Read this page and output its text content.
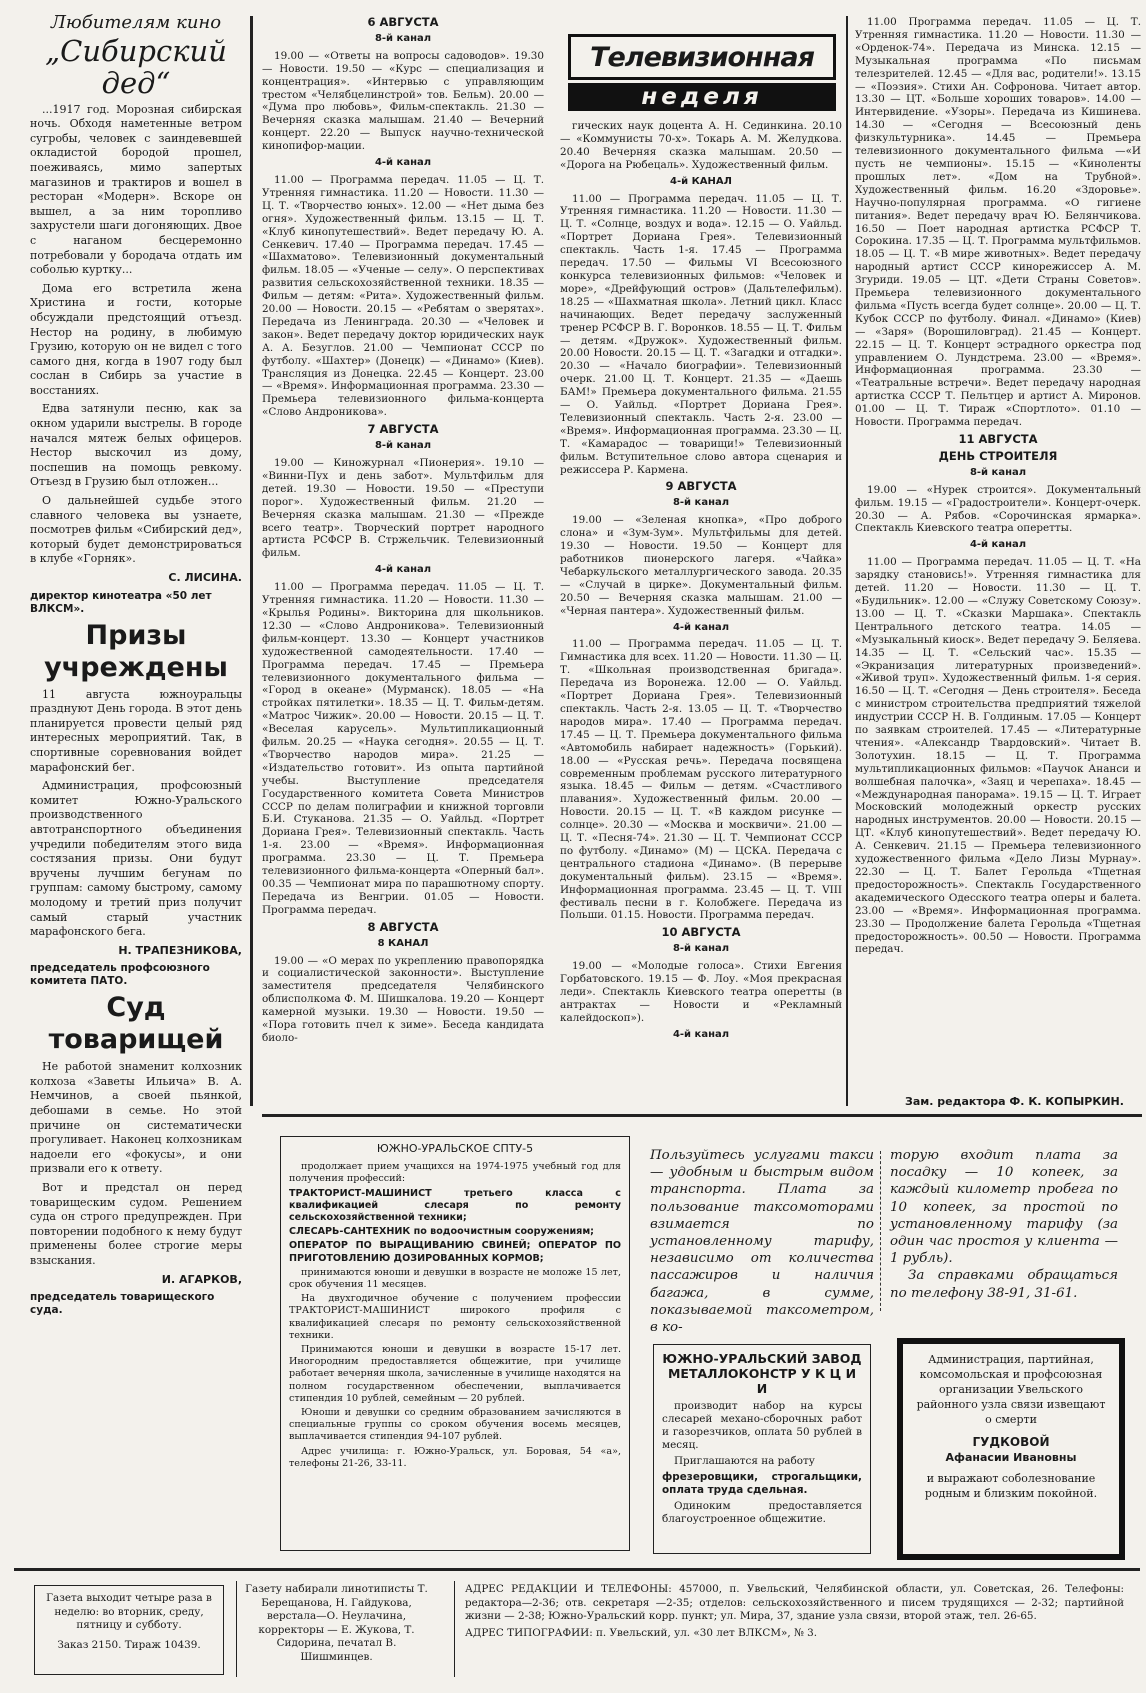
Любителям кино

„Сибирский дед“

...1917 год. Морозная сибирская ночь. Обходя наметенные ветром сугробы, человек с заиндевевшей окладистой бородой прошел, поеживаясь, мимо запертых магазинов и трактиров и вошел в ресторан «Модерн». Вскоре он вышел, а за ним торопливо захрустели шаги догоняющих. Двое с наганом бесцеремонно потребовали у бородача отдать им соболью куртку...

Дома его встретила жена Христина и гости, которые обсуждали предстоящий отъезд. Нестор на родину, в любимую Грузию, которую он не видел с того самого дня, когда в 1907 году был сослан в Сибирь за участие в восстаниях.

Едва затянули песню, как за окном ударили выстрелы. В городе начался мятеж белых офицеров. Нестор выскочил из дому, поспешив на помощь ревкому. Отъезд в Грузию был отложен...

О дальнейшей судьбе этого славного человека вы узнаете, посмотрев фильм «Сибирский дед», который будет демонстрироваться в клубе «Горняк».

С. ЛИСИНА.

директор кинотеатра «50 лет ВЛКСМ».

Призы учреждены

11 августа южноуральцы празднуют День города. В этот день планируется провести целый ряд интересных мероприятий. Так, в спортивные соревнования войдет марафонский бег.

Администрация, профсоюзный комитет Южно-Уральского производственного автотранспортного объединения учредили победителям этого вида состязания призы. Они будут вручены лучшим бегунам по группам: самому быстрому, самому молодому и третий приз получит самый старый участник марафонского бега.

Н. ТРАПЕЗНИКОВА,

председатель профсоюзного комитета ПАТО.

Суд товарищей

Не работой знаменит колхозник колхоза «Заветы Ильича» В. А. Немчинов, а своей пьянкой, дебошами в семье. Но этой причине он систематически прогуливает. Наконец колхозникам надоели его «фокусы», и они призвали его к ответу.

Вот и предстал он перед товарищеским судом. Решением суда он строго предупрежден. При повторении подобного к нему будут применены более строгие меры взыскания.

И. АГАРКОВ,

председатель товарищеского суда.

6 АВГУСТА

8-й канал

19.00 — «Ответы на вопросы садоводов». 19.30 — Новости. 19.50 — «Курс — специализация и концентрация». «Интервью с управляющим трестом «Челябцелинстрой» тов. Бельм). 20.00 — «Дума про любовь», Фильм-спектакль. 21.30 — Вечерняя сказка малышам. 21.40 — Вечерний концерт. 22.20 — Выпуск научно-технической кинопифор-мации.

4-й канал

11.00 — Программа передач. 11.05 — Ц. Т. Утренняя гимнастика. 11.20 — Новости. 11.30 — Ц. Т. «Творчество юных». 12.00 — «Нет дыма без огня». Художественный фильм. 13.15 — Ц. Т. «Клуб кинопутешествий». Ведет передачу Ю. А. Сенкевич. 17.40 — Программа передач. 17.45 — «Шахматово». Телевизионный документальный фильм. 18.05 — «Ученые — селу». О перспективах развития сельскохозяйственной техники. 18.35 — Фильм — детям: «Рита». Художественный фильм. 20.00 — Новости. 20.15 — «Ребятам о зверятах». Передача из Ленинграда. 20.30 — «Человек и закон». Ведет передачу доктор юридических наук А. А. Безуглов. 21.00 — Чемпионат СССР по футболу. «Шахтер» (Донецк) — «Динамо» (Киев). Трансляция из Донецка. 22.45 — Концерт. 23.00 — «Время». Информационная программа. 23.30 — Премьера телевизионного фильма-концерта «Слово Андроникова».

7 АВГУСТА

8-й канал

19.00 — Киножурнал «Пионерия». 19.10 — «Винни-Пух и день забот». Мультфильм для детей. 19.30 — Новости. 19.50 — «Преступи порог». Художественный фильм. 21.20 — Вечерняя сказка малышам. 21.30 — «Прежде всего театр». Творческий портрет народного артиста РСФСР В. Стржельчик. Телевизионный фильм.

4-й канал

11.00 — Программа передач. 11.05 — Ц. Т. Утренняя гимнастика. 11.20 — Новости. 11.30 — «Крылья Родины». Викторина для школьников. 12.30 — «Слово Андроникова». Телевизионный фильм-концерт. 13.30 — Концерт участников художественной самодеятельности. 17.40 — Программа передач. 17.45 — Премьера телевизионного документального фильма — «Город в океане» (Мурманск). 18.05 — «На стройках пятилетки». 18.35 — Ц. Т. Фильм-детям. «Матрос Чижик». 20.00 — Новости. 20.15 — Ц. Т. «Веселая карусель». Мультипликационный фильм. 20.25 — «Наука сегодня». 20.55 — Ц. Т. «Творчество народов мира». 21.25 — «Издательство готовит». Из опыта партийной учебы. Выступление председателя Государственного комитета Совета Министров СССР по делам полиграфии и книжной торговли Б.И. Стуканова. 21.35 — О. Уайльд. «Портрет Дориана Грея». Телевизионный спектакль. Часть 1-я. 23.00 — «Время». Информационная программа. 23.30 — Ц. Т. Премьера телевизионного фильма-концерта «Оперный бал». 00.35 — Чемпионат мира по парашютному спорту. Передача из Венгрии. 01.05 — Новости. Программа передач.

8 АВГУСТА

8 КАНАЛ

19.00 — «О мерах по укреплению правопорядка и социалистической законности». Выступление заместителя председателя Челябинского облисполкома Ф. М. Шишкалова. 19.20 — Концерт камерной музыки. 19.30 — Новости. 19.50 — «Пора готовить пчел к зиме». Беседа кандидата биоло-

Телевизионная
неделя

гических наук доцента А. Н. Сединкина. 20.10 — «Коммунисты 70-х». Токарь А. М. Желудкова. 20.40 Вечерняя сказка малышам. 20.50 — «Дорога на Рюбецаль». Художественный фильм.

4-й КАНАЛ

11.00 — Программа передач. 11.05 — Ц. Т. Утренняя гимнастика. 11.20 — Новости. 11.30 — Ц. Т. «Солнце, воздух и вода». 12.15 — О. Уайльд. «Портрет Дориана Грея». Телевизионный спектакль. Часть 1-я. 17.45 — Программа передач. 17.50 — Фильмы VI Всесоюзного конкурса телевизионных фильмов: «Человек и море», «Дрейфующий остров» (Дальтелефильм). 18.25 — «Шахматная школа». Летний цикл. Класс начинающих. Ведет передачу заслуженный тренер РСФСР В. Г. Воронков. 18.55 — Ц. Т. Фильм — детям. «Дружок». Художественный фильм. 20.00 Новости. 20.15 — Ц. Т. «Загадки и отгадки». 20.30 — «Начало биографии». Телевизионный очерк. 21.00 Ц. Т. Концерт. 21.35 — «Даешь БАМ!» Премьера документального фильма. 21.55 — О. Уайльд. «Портрет Дориана Грея». Телевизионный спектакль. Часть 2-я. 23.00 — «Время». Информационная программа. 23.30 — Ц. Т. «Камарадос — товарищи!» Телевизионный фильм. Вступительное слово автора сценария и режиссера Р. Кармена.

9 АВГУСТА

8-й канал

19.00 — «Зеленая кнопка», «Про доброго слона» и «Зум-Зум». Мультфильмы для детей. 19.30 — Новости. 19.50 — Концерт для работников пионерского лагеря. «Чайка» Чебаркульского металлургического завода. 20.35 — «Случай в цирке». Документальный фильм. 20.50 — Вечерняя сказка малышам. 21.00 — «Черная пантера». Художественный фильм.

4-й канал

11.00 — Программа передач. 11.05 — Ц. Т. Гимнастика для всех. 11.20 — Новости. 11.30 — Ц. Т. «Школьная производственная бригада». Передача из Воронежа. 12.00 — О. Уайльд. «Портрет Дориана Грея». Телевизионный спектакль. Часть 2-я. 13.05 — Ц. Т. «Творчество народов мира». 17.40 — Программа передач. 17.45 — Ц. Т. Премьера документального фильма «Автомобиль набирает надежность» (Горький). 18.00 — «Русская речь». Передача посвящена современным проблемам русского литературного языка. 18.45 — Фильм — детям. «Счастливого плавания». Художественный фильм. 20.00 — Новости. 20.15 — Ц. Т. «В каждом рисунке — солнце». 20.30 — «Москва и москвичи». 21.00 — Ц. Т. «Песня-74». 21.30 — Ц. Т. Чемпионат СССР по футболу. «Динамо» (М) — ЦСКА. Передача с центрального стадиона «Динамо». (В перерыве документальный фильм). 23.15 — «Время». Информационная программа. 23.45 — Ц. Т. VIII фестиваль песни в г. Колобжеге. Передача из Польши. 01.15. Новости. Программа передач.

10 АВГУСТА

8-й канал

19.00 — «Молодые голоса». Стихи Евгения Горбатовского. 19.15 — Ф. Лоу. «Моя прекрасная леди». Спектакль Киевского театра оперетты (в антрактах — Новости и «Рекламный калейдоскоп»).

4-й канал

11.00 Программа передач. 11.05 — Ц. Т. Утренняя гимнастика. 11.20 — Новости. 11.30 — «Орденок-74». Передача из Минска. 12.15 — Музыкальная программа «По письмам телезрителей. 12.45 — «Для вас, родители!». 13.15 — «Поэзия». Стихи Ан. Софронова. Читает автор. 13.30 — ЦТ. «Больше хороших товаров». 14.00 — Интервидение. «Узоры». Передача из Кишинева. 14.30 — «Сегодня — Всесоюзный день физкультурника». 14.45 — Премьера телевизионного документального фильма —«И пусть не чемпионы». 15.15 — «Киноленты прошлых лет». «Дом на Трубной». Художественный фильм. 16.20 «Здоровье». Научно-популярная программа. «О гигиене питания». Ведет передачу врач Ю. Белянчикова. 16.50 — Поет народная артистка РСФСР Т. Сорокина. 17.35 — Ц. Т. Программа мультфильмов. 18.05 — Ц. Т. «В мире животных». Ведет передачу народный артист СССР кинорежиссер А. М. Згуриди. 19.05 — ЦТ. «Дети Страны Советов». Премьера телевизионного документального фильма «Пусть всегда будет солнце». 20.00 — Ц. Т. Кубок СССР по футболу. Финал. «Динамо» (Киев) — «Заря» (Ворошиловград). 21.45 — Концерт. 22.15 — Ц. Т. Концерт эстрадного оркестра под управлением О. Лундстрема. 23.00 — «Время». Информационная программа. 23.30 — «Театральные встречи». Ведет передачу народная артистка СССР Т. Пельтцер и артист А. Миронов. 01.00 — Ц. Т. Тираж «Спортлото». 01.10 — Новости. Программа передач.

11 АВГУСТА

ДЕНЬ СТРОИТЕЛЯ

8-й канал

19.00 — «Нурек строится». Документальный фильм. 19.15 — «Градостроители». Концерт-очерк. 20.30 — А. Рябов. «Сорочинская ярмарка». Спектакль Киевского театра оперетты.

4-й канал

11.00 — Программа передач. 11.05 — Ц. Т. «На зарядку становись!». Утренняя гимнастика для детей. 11.20 — Новости. 11.30 — Ц. Т. «Будильник». 12.00 — «Служу Советскому Союзу». 13.00 — Ц. Т. «Сказки Маршака». Спектакль Центрального детского театра. 14.05 — «Музыкальный киоск». Ведет передачу Э. Беляева. 14.35 — Ц. Т. «Сельский час». 15.35 — «Экранизация литературных произведений». «Живой труп». Художественный фильм. 1-я серия. 16.50 — Ц. Т. «Сегодня — День строителя». Беседа с министром строительства предприятий тяжелой индустрии СССР Н. В. Голдиным. 17.05 — Концерт по заявкам строителей. 17.45 — «Литературные чтения». «Александр Твардовский». Читает В. Золотухин. 18.15 — Ц. Т. Программа мультипликационных фильмов: «Паучок Ананси и волшебная палочка», «Заяц и черепаха». 18.45 — «Международная панорама». 19.15 — Ц. Т. Играет Московский молодежный оркестр русских народных инструментов. 20.00 — Новости. 20.15 — ЦТ. «Клуб кинопутешествий». Ведет передачу Ю. А. Сенкевич. 21.15 — Премьера телевизионного художественного фильма «Дело Лизы Мурнау». 22.30 — Ц. Т. Балет Герольда «Тщетная предосторожность». Спектакль Государственного академического Одесского театра оперы и балета. 23.00 — «Время». Информационная программа. 23.30 — Продолжение балета Герольда «Тщетная предосторожность». 00.50 — Новости. Программа передач.

Зам. редактора Ф. К. КОПЫРКИН.
ЮЖНО-УРАЛЬСКОЕ СПТУ-5

продолжает прием учащихся на 1974-1975 учебный год для получения профессий:

ТРАКТОРИСТ-МАШИНИСТ третьего класса с квалификацией слесаря по ремонту сельскохозяйственной техники;

СЛЕСАРЬ-САНТЕХНИК по водоочистным сооружениям;

ОПЕРАТОР ПО ВЫРАЩИВАНИЮ СВИНЕЙ; ОПЕРАТОР ПО ПРИГОТОВЛЕНИЮ ДОЗИРОВАННЫХ КОРМОВ;

принимаются юноши и девушки в возрасте не моложе 15 лет, срок обучения 11 месяцев.

На двухгодичное обучение с получением профессии ТРАКТОРИСТ-МАШИНИСТ широкого профиля с квалификацией слесаря по ремонту сельскохозяйственной техники.

Принимаются юноши и девушки в возрасте 15-17 лет. Иногородним предоставляется общежитие, при училище работает вечерняя школа, зачисленные в училище находятся на полном государственном обеспечении, выплачивается стипендия 10 рублей, семейным — 20 рублей.

Юноши и девушки со средним образованием зачисляются в специальные группы со сроком обучения восемь месяцев, выплачивается стипендия 94-107 рублей.

Адрес училища: г. Южно-Уральск, ул. Боровая, 54 «а», телефоны 21-26, 33-11.

Пользуйтесь услугами такси — удобным и быстрым видом транспорта. Плата за пользование таксомоторами взимается по установленному тарифу, независимо от количества пассажиров и наличия багажа, в сумме, показываемой таксометром, в ко-
торую входит плата за посадку — 10 копеек, за каждый километр пробега по 10 копеек, за простой по установленному тарифу (за один час простоя у клиента — 1 рубль).

За справками обращаться по телефону 38-91, 31-61.
ЮЖНО-УРАЛЬСКИЙ ЗАВОД МЕТАЛЛОКОНСТР У К Ц И И

производит набор на курсы слесарей механо-сборочных работ и газорезчиков, оплата 50 рублей в месяц.

Приглашаются на работу

фрезеровщики, строгальщики, оплата труда сдельная.

Одиноким предоставляется благоустроенное общежитие.

Администрация, партийная, комсомольская и профсоюзная организации Увельского районного узла связи извещают о смерти
ГУДКОВОЙ
Афанасии Ивановны
и выражают соболезнование родным и близким покойной.
Газета выходит четыре раза в неделю: во вторник, среду, пятницу и субботу.
Заказ 2150. Тираж 10439.
Газету набирали линотиписты Т. Берещанова, Н. Гайдукова, верстала—О. Неулачина, корректоры — Е. Жукова, Т. Сидорина, печатал В. Шишминцев.
АДРЕС РЕДАКЦИИ И ТЕЛЕФОНЫ: 457000, п. Увельский, Челябинской области, ул. Советская, 26. Телефоны: редактора—2-36; отв. секретаря —2-35; отделов: сельскохозяйственного и писем трудящихся — 2-32; партийной жизни — 2-38; Южно-Уральский корр. пункт; ул. Мира, 37, здание узла связи, второй этаж, тел. 26-65.
АДРЕС ТИПОГРАФИИ: п. Увельский, ул. «30 лет ВЛКСМ», № 3.
